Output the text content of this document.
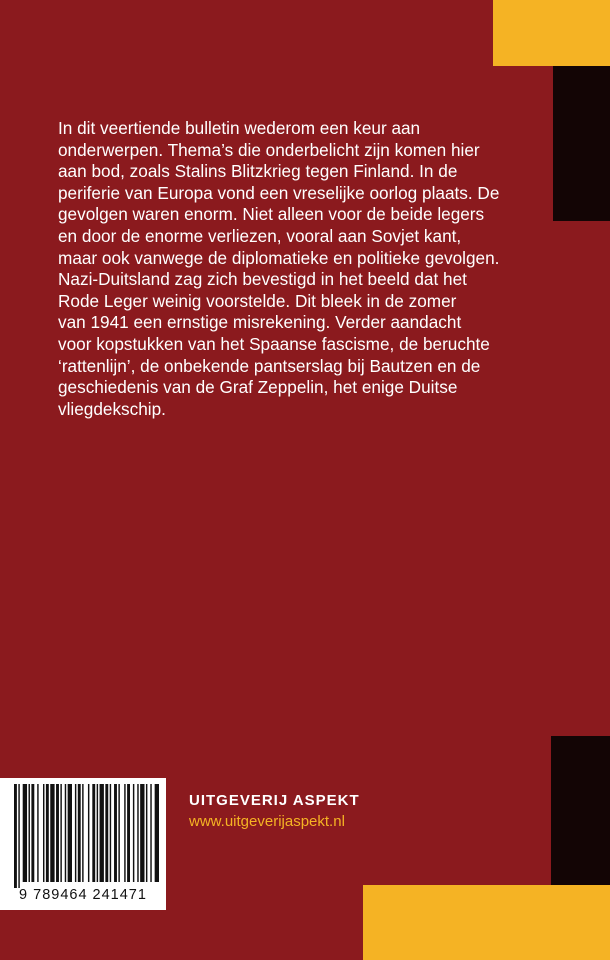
In dit veertiende bulletin wederom een keur aan
onderwerpen. Thema’s die onderbelicht zijn komen hier
aan bod, zoals Stalins Blitzkrieg tegen Finland. In de
periferie van Europa vond een vreselijke oorlog plaats. De
gevolgen waren enorm. Niet alleen voor de beide legers
en door de enorme verliezen, vooral aan Sovjet kant,
maar ook vanwege de diplomatieke en politieke gevolgen.
Nazi-Duitsland zag zich bevestigd in het beeld dat het
Rode Leger weinig voorstelde. Dit bleek in de zomer
van 1941 een ernstige misrekening. Verder aandacht
voor kopstukken van het Spaanse fascisme, de beruchte
‘rattenlijn’, de onbekende pantserslag bij Bautzen en de
geschiedenis van de Graf Zeppelin, het enige Duitse
vliegdekschip.

9 789464 241471

UITGEVERIJ ASPEKT

www.uitgeverijaspekt.nl
